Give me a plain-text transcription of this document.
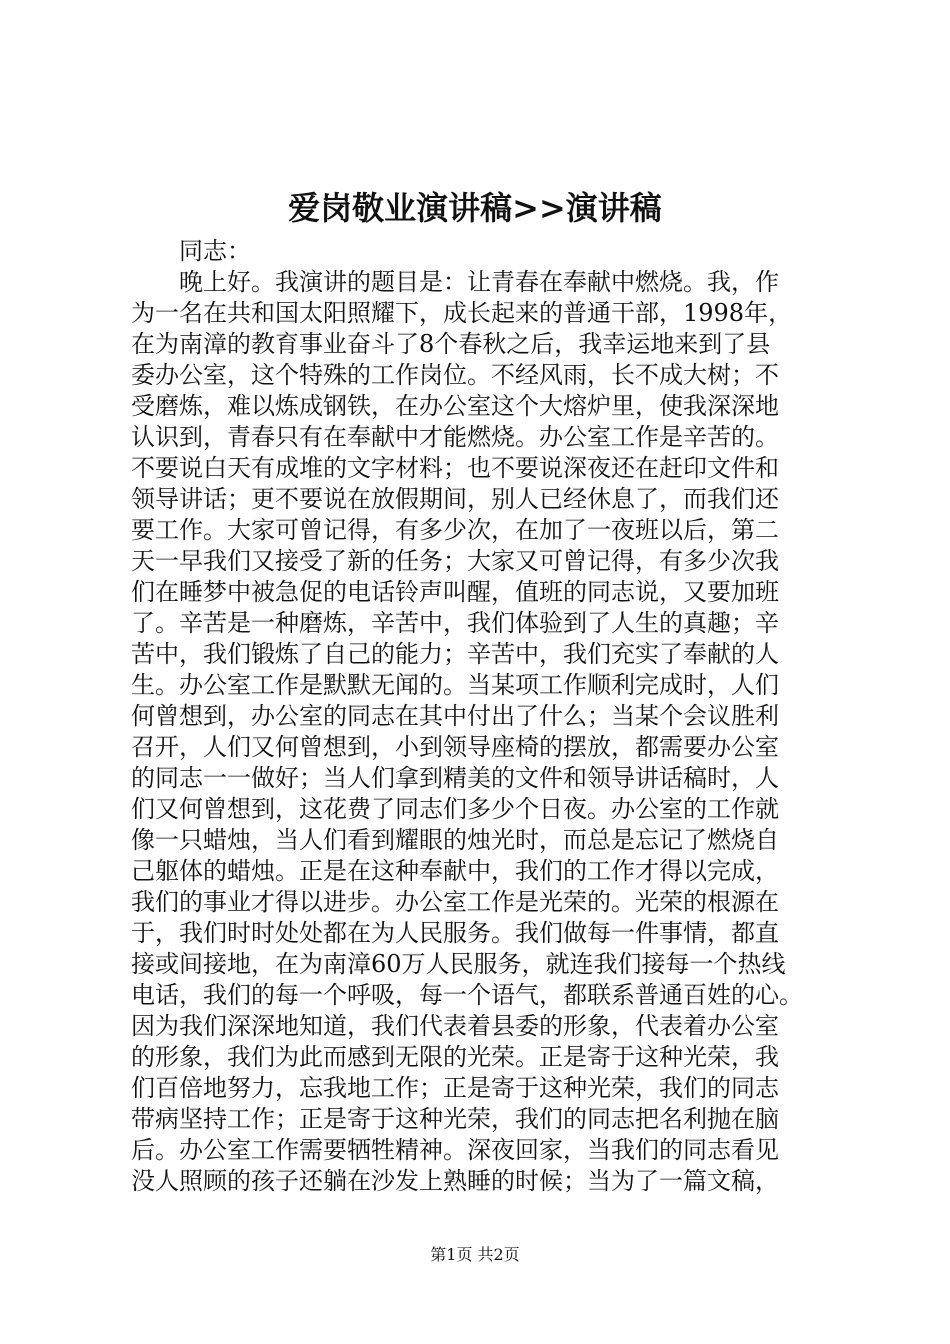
爱岗敬业演讲稿>>演讲稿
同志：
晚上好。我演讲的题目是：让青春在奉献中燃烧。我，作
为一名在共和国太阳照耀下，成长起来的普通干部，1998年，
在为南漳的教育事业奋斗了8个春秋之后，我幸运地来到了县
委办公室，这个特殊的工作岗位。不经风雨，长不成大树；不
受磨炼，难以炼成钢铁，在办公室这个大熔炉里，使我深深地
认识到，青春只有在奉献中才能燃烧。办公室工作是辛苦的。
不要说白天有成堆的文字材料；也不要说深夜还在赶印文件和
领导讲话；更不要说在放假期间，别人已经休息了，而我们还
要工作。大家可曾记得，有多少次，在加了一夜班以后，第二
天一早我们又接受了新的任务；大家又可曾记得，有多少次我
们在睡梦中被急促的电话铃声叫醒，值班的同志说，又要加班
了。辛苦是一种磨炼，辛苦中，我们体验到了人生的真趣；辛
苦中，我们锻炼了自己的能力；辛苦中，我们充实了奉献的人
生。办公室工作是默默无闻的。当某项工作顺利完成时，人们
何曾想到，办公室的同志在其中付出了什么；当某个会议胜利
召开，人们又何曾想到，小到领导座椅的摆放，都需要办公室
的同志一一做好；当人们拿到精美的文件和领导讲话稿时，人
们又何曾想到，这花费了同志们多少个日夜。办公室的工作就
像一只蜡烛，当人们看到耀眼的烛光时，而总是忘记了燃烧自
己躯体的蜡烛。正是在这种奉献中，我们的工作才得以完成，
我们的事业才得以进步。办公室工作是光荣的。光荣的根源在
于，我们时时处处都在为人民服务。我们做每一件事情，都直
接或间接地，在为南漳60万人民服务，就连我们接每一个热线
电话，我们的每一个呼吸，每一个语气，都联系普通百姓的心。
因为我们深深地知道，我们代表着县委的形象，代表着办公室
的形象，我们为此而感到无限的光荣。正是寄于这种光荣，我
们百倍地努力，忘我地工作；正是寄于这种光荣，我们的同志
带病坚持工作；正是寄于这种光荣，我们的同志把名利抛在脑
后。办公室工作需要牺牲精神。深夜回家，当我们的同志看见
没人照顾的孩子还躺在沙发上熟睡的时候；当为了一篇文稿，
第1页 共2页
